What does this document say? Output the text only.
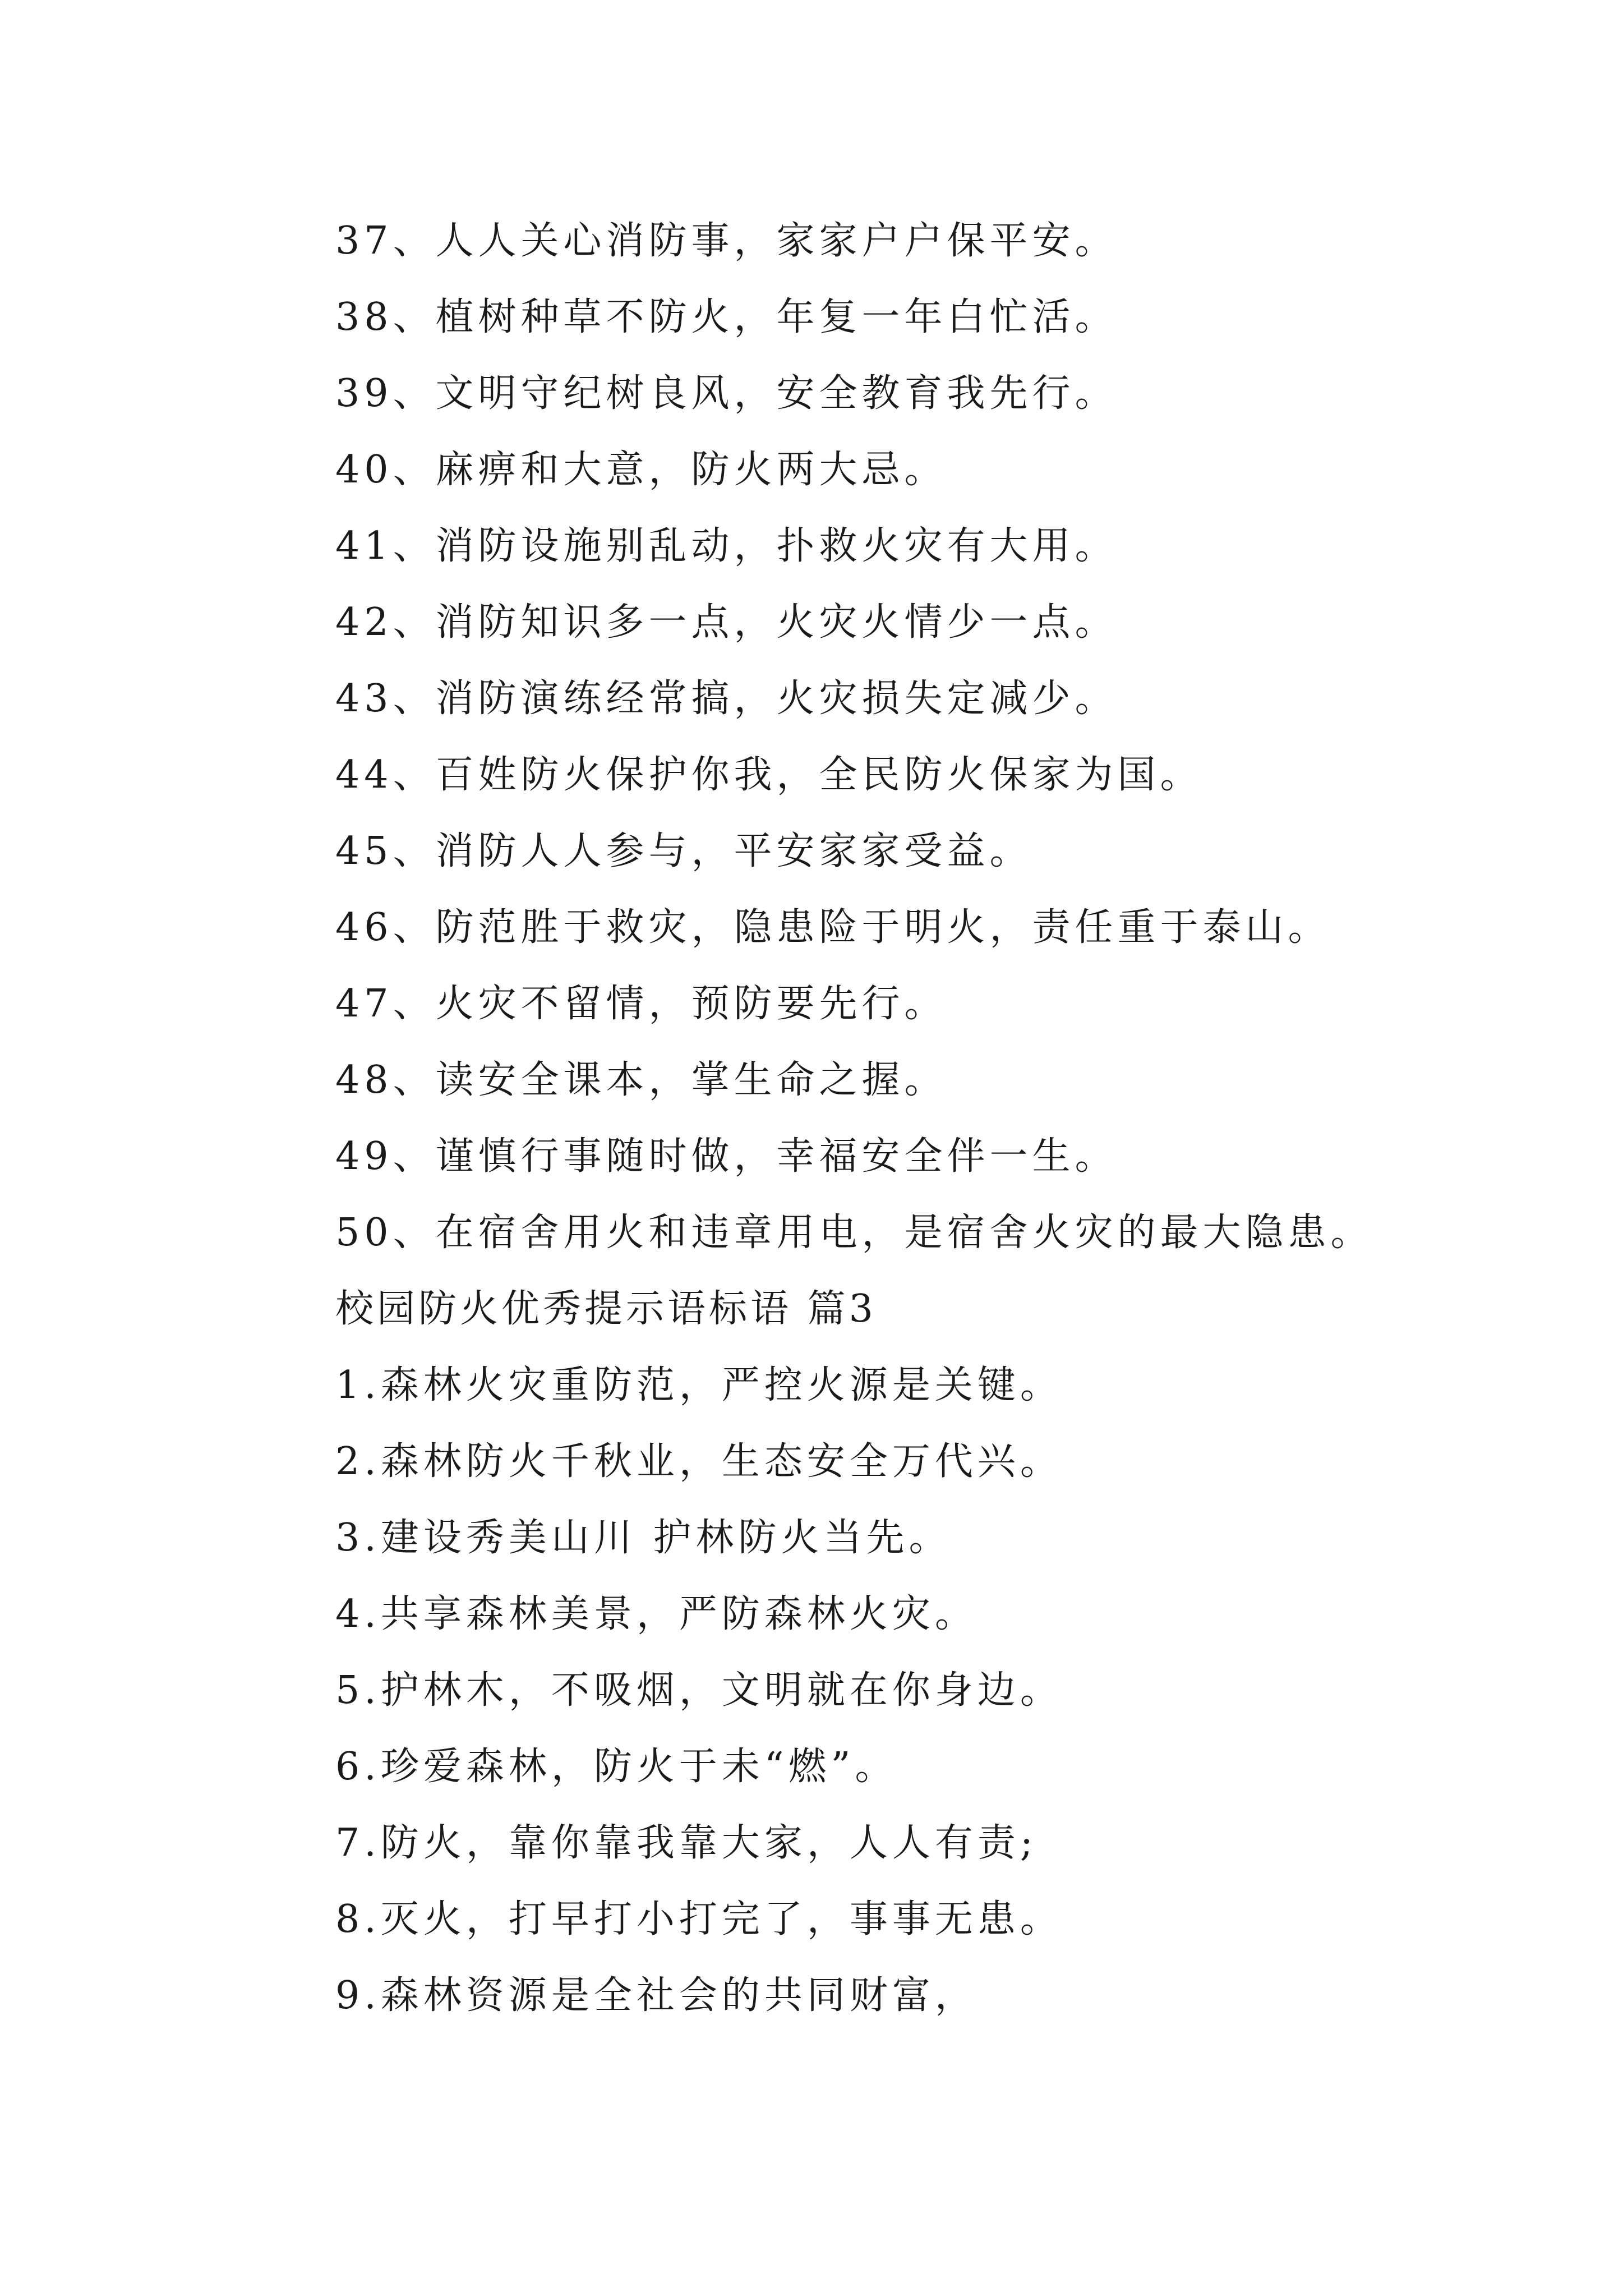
37、人人关心消防事，家家户户保平安。
38、植树种草不防火，年复一年白忙活。
39、文明守纪树良风，安全教育我先行。
40、麻痹和大意，防火两大忌。
41、消防设施别乱动，扑救火灾有大用。
42、消防知识多一点，火灾火情少一点。
43、消防演练经常搞，火灾损失定减少。
44、百姓防火保护你我，全民防火保家为国。
45、消防人人参与，平安家家受益。
46、防范胜于救灾，隐患险于明火，责任重于泰山。
47、火灾不留情，预防要先行。
48、读安全课本，掌生命之握。
49、谨慎行事随时做，幸福安全伴一生。
50、在宿舍用火和违章用电，是宿舍火灾的最大隐患。
校园防火优秀提示语标语 篇3
1.森林火灾重防范，严控火源是关键。
2.森林防火千秋业，生态安全万代兴。
3.建设秀美山川 护林防火当先。
4.共享森林美景，严防森林火灾。
5.护林木，不吸烟，文明就在你身边。
6.珍爱森林，防火于未“燃”。
7.防火，靠你靠我靠大家，人人有责;
8.灭火，打早打小打完了，事事无患。
9.森林资源是全社会的共同财富，
